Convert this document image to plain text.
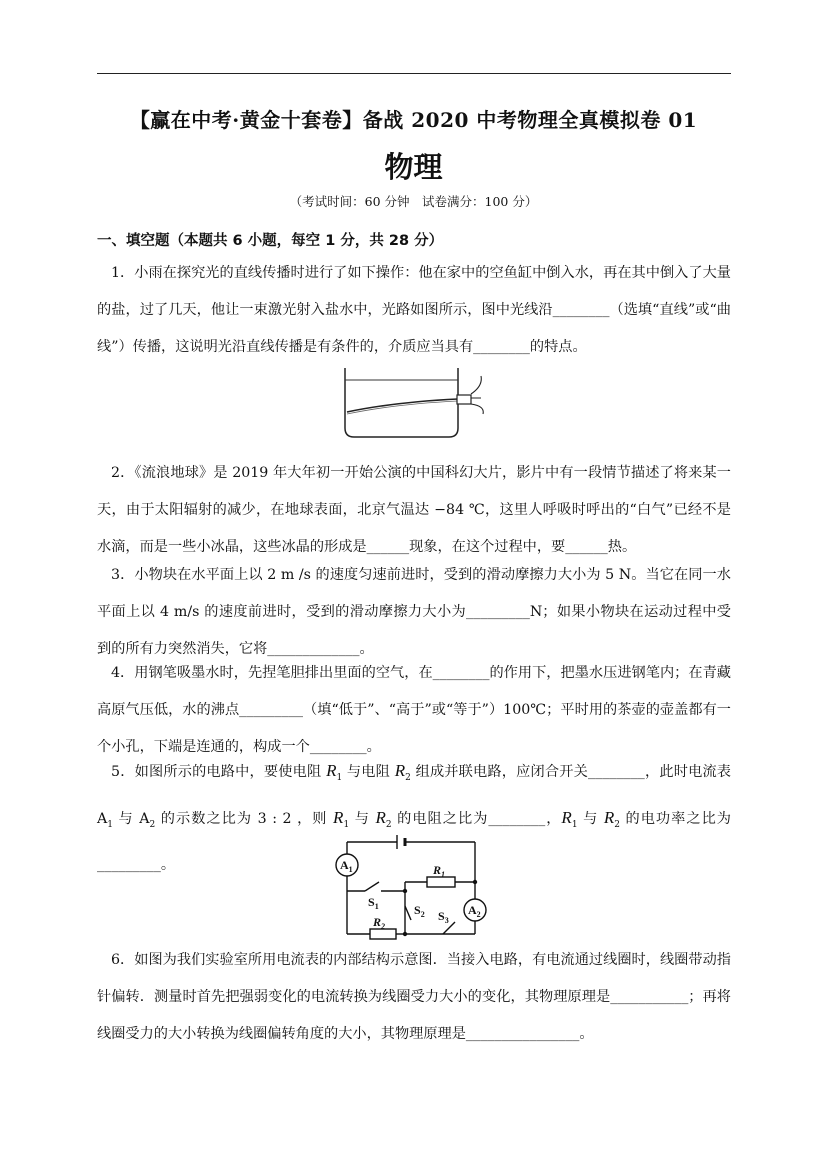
【赢在中考·黄金十套卷】备战 2020 中考物理全真模拟卷 01
物理
（考试时间：60 分钟　试卷满分：100 分）
一、填空题（本题共 6 小题，每空 1 分，共 28 分）
1．小雨在探究光的直线传播时进行了如下操作：他在家中的空鱼缸中倒入水，再在其中倒入了大量的盐，过了几天，他让一束激光射入盐水中，光路如图所示，图中光线沿________（选填“直线”或“曲线”）传播，这说明光沿直线传播是有条件的，介质应当具有________的特点。
2．《流浪地球》是 2019 年大年初一开始公演的中国科幻大片，影片中有一段情节描述了将来某一天，由于太阳辐射的减少，在地球表面，北京气温达 −84 ℃，这里人呼吸时呼出的“白气”已经不是水滴，而是一些小冰晶，这些冰晶的形成是______现象，在这个过程中，要______热。
3．小物块在水平面上以 2 m /s 的速度匀速前进时，受到的滑动摩擦力大小为 5 N。当它在同一水平面上以 4 m/s 的速度前进时，受到的滑动摩擦力大小为_________N；如果小物块在运动过程中受到的所有力突然消失，它将_____________。
4．用钢笔吸墨水时，先捏笔胆排出里面的空气，在________的作用下，把墨水压进钢笔内；在青藏高原气压低，水的沸点_________（填“低于”、“高于”或“等于”）100℃；平时用的茶壶的壶盖都有一个小孔，下端是连通的，构成一个________。
5．如图所示的电路中，要使电阻 $R_1$ 与电阻 $R_2$ 组成并联电路，应闭合开关________，此时电流表 $A_1$ 与 $A_2$ 的示数之比为 3 : 2 ，则 $R_1$ 与 $R_2$ 的电阻之比为________，$R_1$ 与 $R_2$ 的电功率之比为_________。	$A_1$
$A_2$
$R_1$
$R_2$
$S_1$	$S_2$ $S_3$
6．如图为我们实验室所用电流表的内部结构示意图．当接入电路，有电流通过线圈时，线圈带动指针偏转．测量时首先把强弱变化的电流转换为线圈受力大小的变化，其物理原理是___________；再将线圈受力的大小转换为线圈偏转角度的大小，其物理原理是________________。
